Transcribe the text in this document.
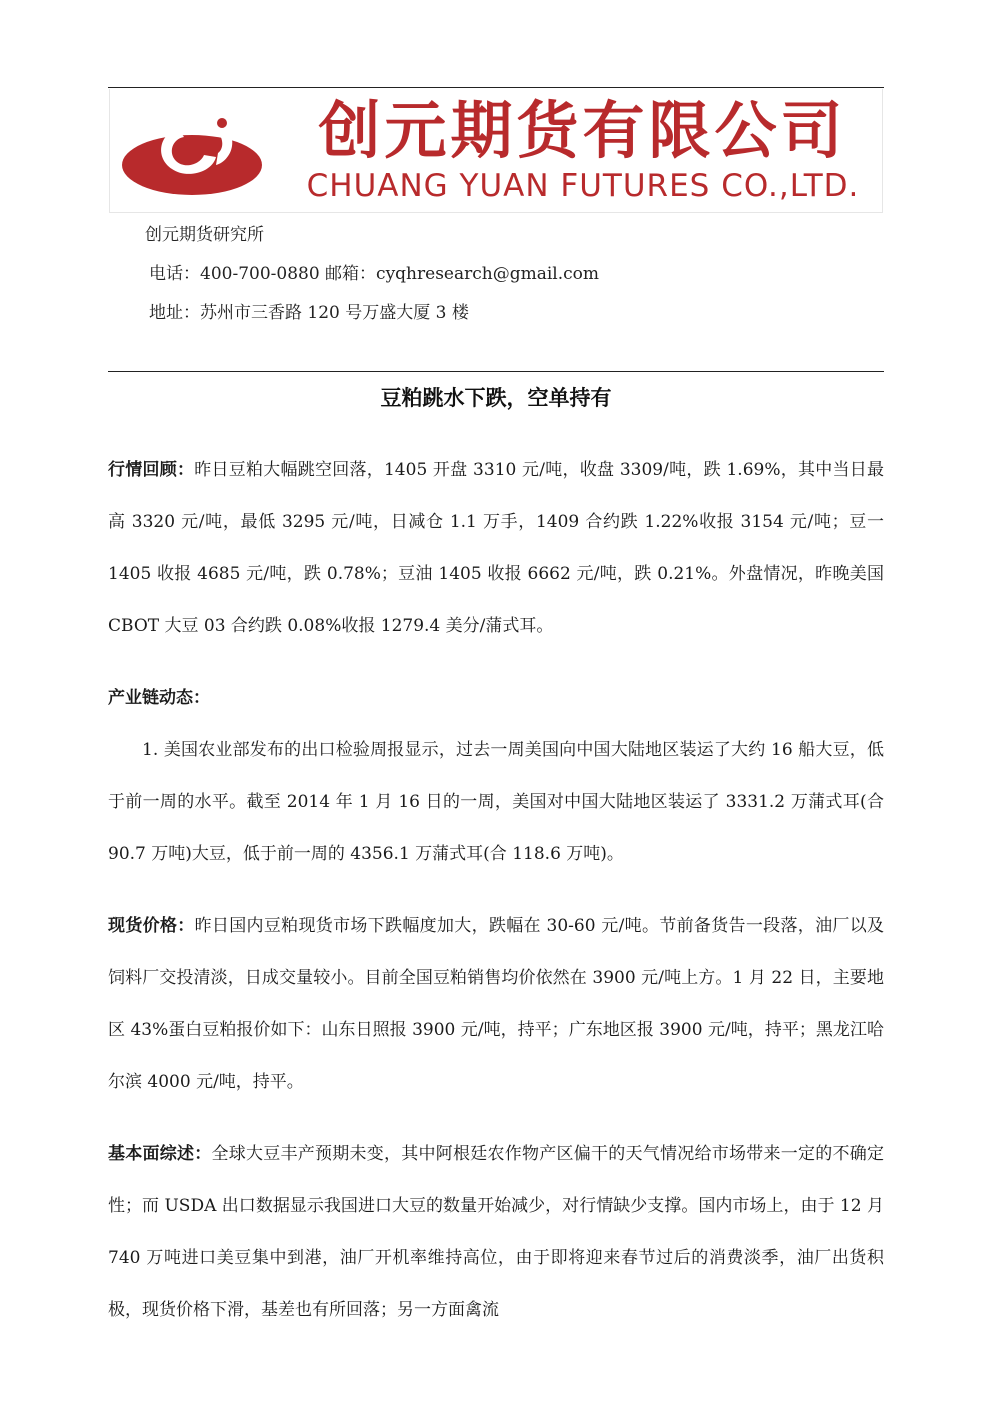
创元期货有限公司
CHUANG YUAN FUTURES CO.,LTD.
创元期货研究所
电话：400-700-0880 邮箱：cyqhresearch@gmail.com
地址：苏州市三香路 120 号万盛大厦 3 楼
豆粕跳水下跌，空单持有
行情回顾：昨日豆粕大幅跳空回落，1405 开盘 3310 元/吨，收盘 3309/吨，跌 1.69%，其中当日最高 3320 元/吨，最低 3295 元/吨，日减仓 1.1 万手，1409 合约跌 1.22%收报 3154 元/吨；豆一 1405 收报 4685 元/吨，跌 0.78%；豆油 1405 收报 6662 元/吨，跌 0.21%。外盘情况，昨晚美国 CBOT 大豆 03 合约跌 0.08%收报 1279.4 美分/蒲式耳。
产业链动态：
1. 美国农业部发布的出口检验周报显示，过去一周美国向中国大陆地区装运了大约 16 船大豆，低于前一周的水平。截至 2014 年 1 月 16 日的一周，美国对中国大陆地区装运了 3331.2 万蒲式耳(合 90.7 万吨)大豆，低于前一周的 4356.1 万蒲式耳(合 118.6 万吨)。
现货价格：昨日国内豆粕现货市场下跌幅度加大，跌幅在 30-60 元/吨。节前备货告一段落，油厂以及饲料厂交投清淡，日成交量较小。目前全国豆粕销售均价依然在 3900 元/吨上方。1 月 22 日，主要地区 43%蛋白豆粕报价如下：山东日照报 3900 元/吨，持平；广东地区报 3900 元/吨，持平；黑龙江哈尔滨 4000 元/吨，持平。
基本面综述：全球大豆丰产预期未变，其中阿根廷农作物产区偏干的天气情况给市场带来一定的不确定性；而 USDA 出口数据显示我国进口大豆的数量开始减少，对行情缺少支撑。国内市场上，由于 12 月 740 万吨进口美豆集中到港，油厂开机率维持高位，由于即将迎来春节过后的消费淡季，油厂出货积极，现货价格下滑，基差也有所回落；另一方面禽流
